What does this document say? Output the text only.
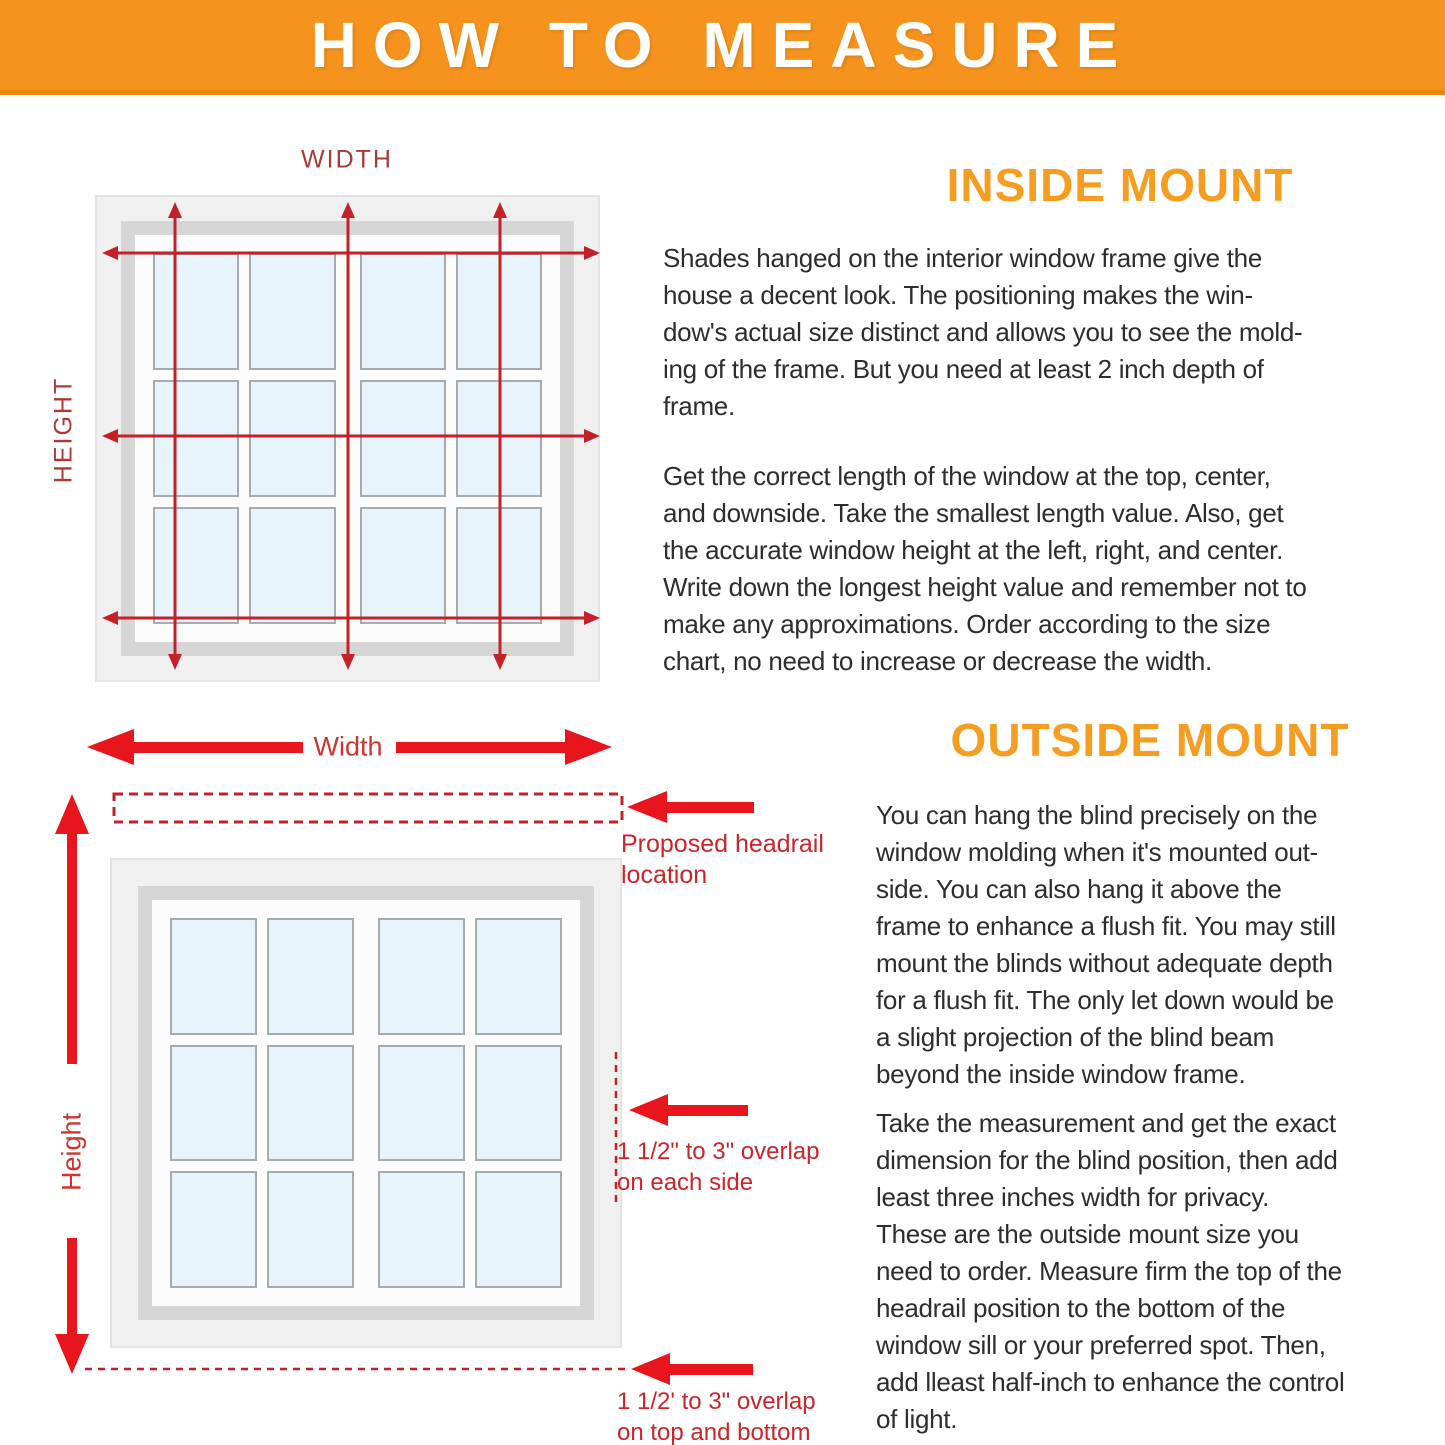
HOW TO MEASURE
WIDTH
HEIGHT
Width
Height
Proposed headrail
location
1 1/2" to 3" overlap
on each side
1 1/2' to 3" overlap
on top and bottom
INSIDE MOUNT
Shades hanged on the interior window frame give the
house a decent look. The positioning makes the win-
dow's actual size distinct and allows you to see the mold-
ing of the frame. But you need at least 2 inch depth of
frame.
Get the correct length of the window at the top, center,
and downside. Take the smallest length value. Also, get
the accurate window height at the left, right, and center.
Write down the longest height value and remember not to
make any approximations. Order according to the size
chart, no need to increase or decrease the width.
OUTSIDE MOUNT
You can hang the blind precisely on the
window molding when it's mounted out-
side. You can also hang it above the
frame to enhance a flush fit. You may still
mount the blinds without adequate depth
for a flush fit. The only let down would be
a slight projection of the blind beam
beyond the inside window frame.
Take the measurement and get the exact
dimension for the blind position, then add
least three inches width for privacy.
These are the outside mount size you
need to order. Measure firm the top of the
headrail position to the bottom of the
window sill or your preferred spot. Then,
add lleast half-inch to enhance the control
of light.
